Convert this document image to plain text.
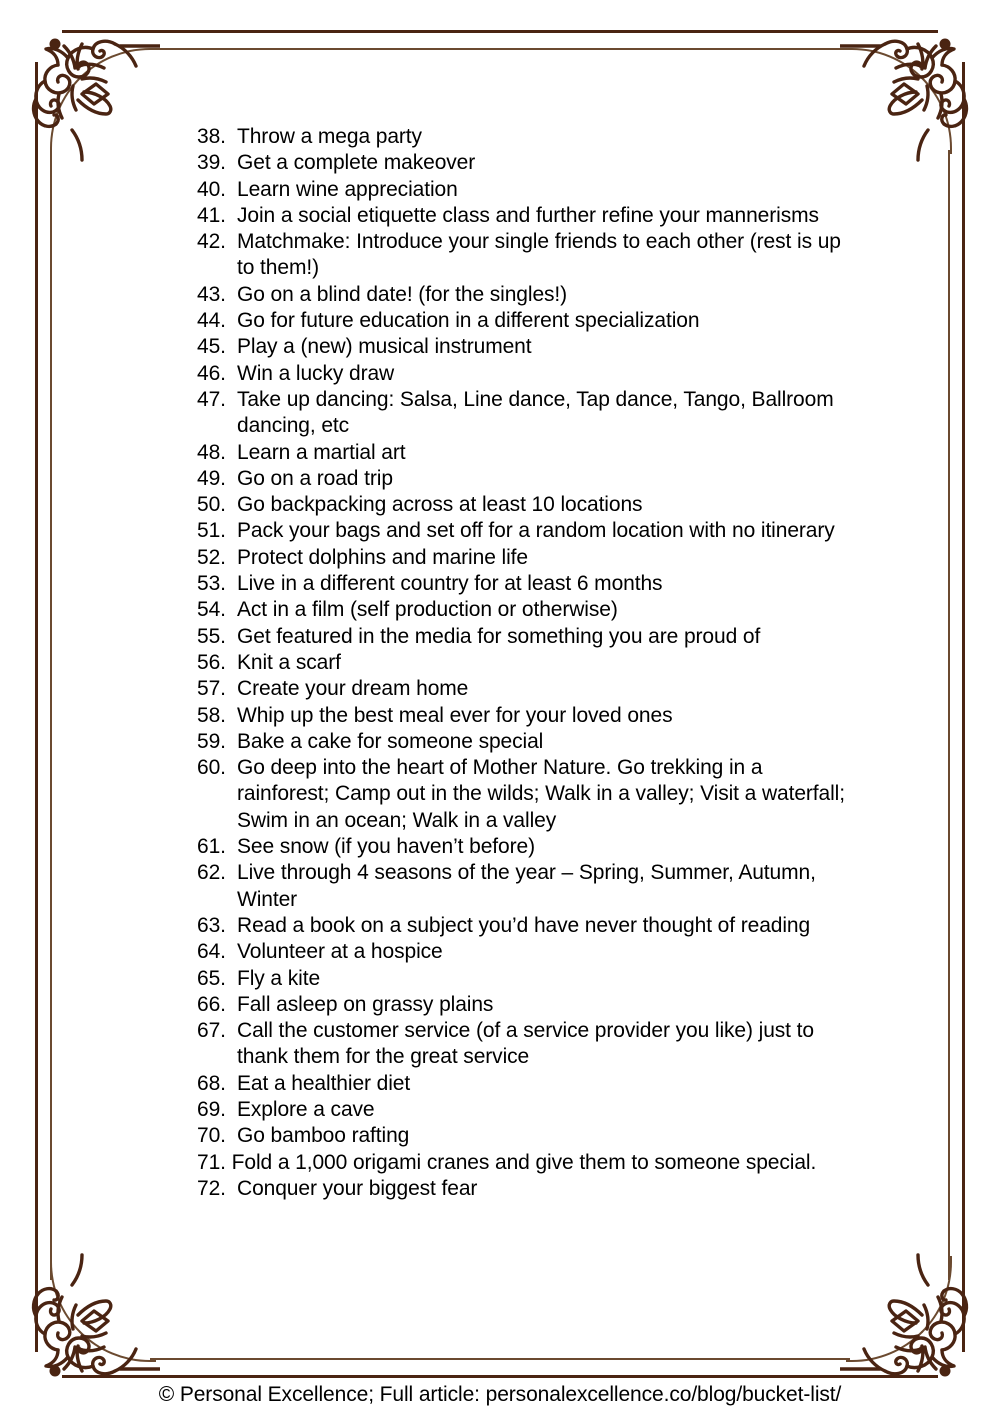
38. Throw a mega party
39. Get a complete makeover
40. Learn wine appreciation
41. Join a social etiquette class and further refine your mannerisms
42. Matchmake: Introduce your single friends to each other (rest is up to them!)
43. Go on a blind date! (for the singles!)
44. Go for future education in a different specialization
45. Play a (new) musical instrument
46. Win a lucky draw
47. Take up dancing: Salsa, Line dance, Tap dance, Tango, Ballroom dancing, etc
48. Learn a martial art
49. Go on a road trip
50. Go backpacking across at least 10 locations
51. Pack your bags and set off for a random location with no itinerary
52. Protect dolphins and marine life
53. Live in a different country for at least 6 months
54. Act in a film (self production or otherwise)
55. Get featured in the media for something you are proud of
56. Knit a scarf
57. Create your dream home
58. Whip up the best meal ever for your loved ones
59. Bake a cake for someone special
60. Go deep into the heart of Mother Nature. Go trekking in a rainforest; Camp out in the wilds; Walk in a valley; Visit a waterfall; Swim in an ocean; Walk in a valley
61. See snow (if you haven’t before)
62. Live through 4 seasons of the year – Spring, Summer, Autumn, Winter
63. Read a book on a subject you’d have never thought of reading
64. Volunteer at a hospice
65. Fly a kite
66. Fall asleep on grassy plains
67. Call the customer service (of a service provider you like) just to thank them for the great service
68. Eat a healthier diet
69. Explore a cave
70. Go bamboo rafting
71. Fold a 1,000 origami cranes and give them to someone special.
72. Conquer your biggest fear
© Personal Excellence; Full article: personalexcellence.co/blog/bucket-list/
